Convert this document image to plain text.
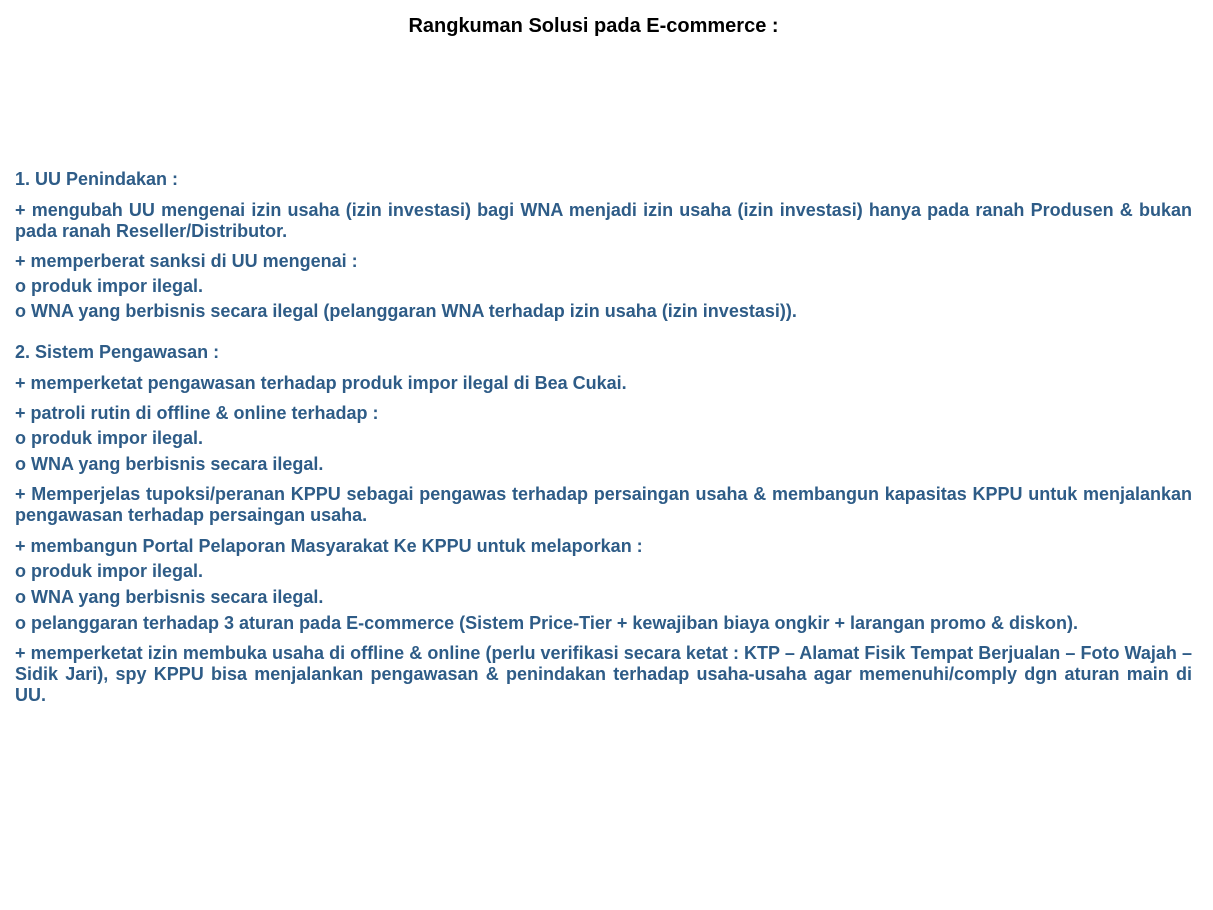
Rangkuman Solusi pada E-commerce :

1. UU Penindakan :

+ mengubah UU mengenai izin usaha (izin investasi) bagi WNA menjadi izin usaha (izin investasi) hanya pada ranah Produsen & bukan pada ranah Reseller/Distributor.

+ memperberat sanksi di UU mengenai :

o produk impor ilegal.

o WNA yang berbisnis secara ilegal (pelanggaran WNA terhadap izin usaha (izin investasi)).

2. Sistem Pengawasan :

+ memperketat pengawasan terhadap produk impor ilegal di Bea Cukai.

+ patroli rutin di offline & online terhadap :

o produk impor ilegal.

o WNA yang berbisnis secara ilegal.

+ Memperjelas tupoksi/peranan KPPU sebagai pengawas terhadap persaingan usaha & membangun kapasitas KPPU untuk menjalankan pengawasan terhadap persaingan usaha.

+ membangun Portal Pelaporan Masyarakat Ke KPPU untuk melaporkan :

o produk impor ilegal.

o WNA yang berbisnis secara ilegal.

o pelanggaran terhadap 3 aturan pada E-commerce (Sistem Price-Tier + kewajiban biaya ongkir + larangan promo & diskon).

+ memperketat izin membuka usaha di offline & online (perlu verifikasi secara ketat : KTP – Alamat Fisik Tempat Berjualan – Foto Wajah – Sidik Jari), spy KPPU bisa menjalankan pengawasan & penindakan terhadap usaha-usaha agar memenuhi/comply dgn aturan main di UU.
